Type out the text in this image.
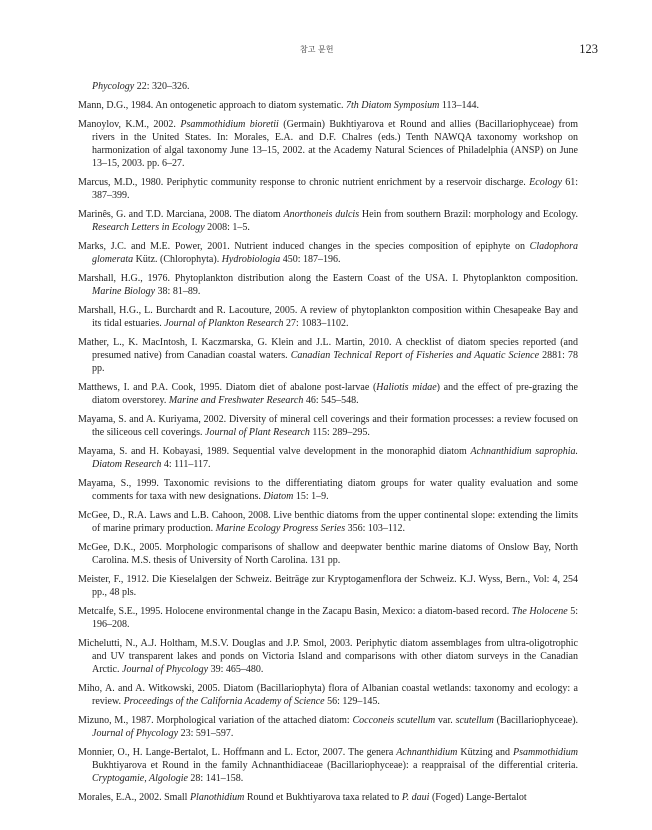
참고 문헌	123

Phycology 22: 320–326.

Mann, D.G., 1984. An ontogenetic approach to diatom systematic. 7th Diatom Symposium 113–144.

Manoylov, K.M., 2002. Psammothidium bioretii (Germain) Bukhtiyarova et Round and allies (Bacillariophyceae) from rivers in the United States. In: Morales, E.A. and D.F. Chalres (eds.) Tenth NAWQA taxonomy workshop on harmonization of algal taxonomy June 13–15, 2002. at the Academy Natural Sciences of Philadelphia (ANSP) on June 13–15, 2003. pp. 6–27.

Marcus, M.D., 1980. Periphytic community response to chronic nutrient enrichment by a reservoir discharge. Ecology 61: 387–399.

Marinês, G. and T.D. Marciana, 2008. The diatom Anorthoneis dulcis Hein from southern Brazil: morphology and Ecology. Research Letters in Ecology 2008: 1–5.

Marks, J.C. and M.E. Power, 2001. Nutrient induced changes in the species composition of epiphyte on Cladophora glomerata Kütz. (Chlorophyta). Hydrobiologia 450: 187–196.

Marshall, H.G., 1976. Phytoplankton distribution along the Eastern Coast of the USA. I. Phytoplankton composition. Marine Biology 38: 81–89.

Marshall, H.G., L. Burchardt and R. Lacouture, 2005. A review of phytoplankton composition within Chesapeake Bay and its tidal estuaries. Journal of Plankton Research 27: 1083–1102.

Mather, L., K. MacIntosh, I. Kaczmarska, G. Klein and J.L. Martin, 2010. A checklist of diatom species reported (and presumed native) from Canadian coastal waters. Canadian Technical Report of Fisheries and Aquatic Science 2881: 78 pp.

Matthews, I. and P.A. Cook, 1995. Diatom diet of abalone post-larvae (Haliotis midae) and the effect of pre-grazing the diatom overstorey. Marine and Freshwater Research 46: 545–548.

Mayama, S. and A. Kuriyama, 2002. Diversity of mineral cell coverings and their formation processes: a review focused on the siliceous cell coverings. Journal of Plant Research 115: 289–295.

Mayama, S. and H. Kobayasi, 1989. Sequential valve development in the monoraphid diatom Achnanthidium saprophia. Diatom Research 4: 111–117.

Mayama, S., 1999. Taxonomic revisions to the differentiating diatom groups for water quality evaluation and some comments for taxa with new designations. Diatom 15: 1–9.

McGee, D., R.A. Laws and L.B. Cahoon, 2008. Live benthic diatoms from the upper continental slope: extending the limits of marine primary production. Marine Ecology Progress Series 356: 103–112.

McGee, D.K., 2005. Morphologic comparisons of shallow and deepwater benthic marine diatoms of Onslow Bay, North Carolina. M.S. thesis of University of North Carolina. 131 pp.

Meister, F., 1912. Die Kieselalgen der Schweiz. Beiträge zur Kryptogamenflora der Schweiz. K.J. Wyss, Bern., Vol: 4, 254 pp., 48 pls.

Metcalfe, S.E., 1995. Holocene environmental change in the Zacapu Basin, Mexico: a diatom-based record. The Holocene 5: 196–208.

Michelutti, N., A.J. Holtham, M.S.V. Douglas and J.P. Smol, 2003. Periphytic diatom assemblages from ultra-oligotrophic and UV transparent lakes and ponds on Victoria Island and comparisons with other diatom surveys in the Canadian Arctic. Journal of Phycology 39: 465–480.

Miho, A. and A. Witkowski, 2005. Diatom (Bacillariophyta) flora of Albanian coastal wetlands: taxonomy and ecology: a review. Proceedings of the California Academy of Science 56: 129–145.

Mizuno, M., 1987. Morphological variation of the attached diatom: Cocconeis scutellum var. scutellum (Bacillariophyceae). Journal of Phycology 23: 591–597.

Monnier, O., H. Lange-Bertalot, L. Hoffmann and L. Ector, 2007. The genera Achnanthidium Kützing and Psammothidium Bukhtiyarova et Round in the family Achnanthidiaceae (Bacillariophyceae): a reappraisal of the differential criteria. Cryptogamie, Algologie 28: 141–158.

Morales, E.A., 2002. Small Planothidium Round et Bukhtiyarova taxa related to P. daui (Foged) Lange-Bertalot
